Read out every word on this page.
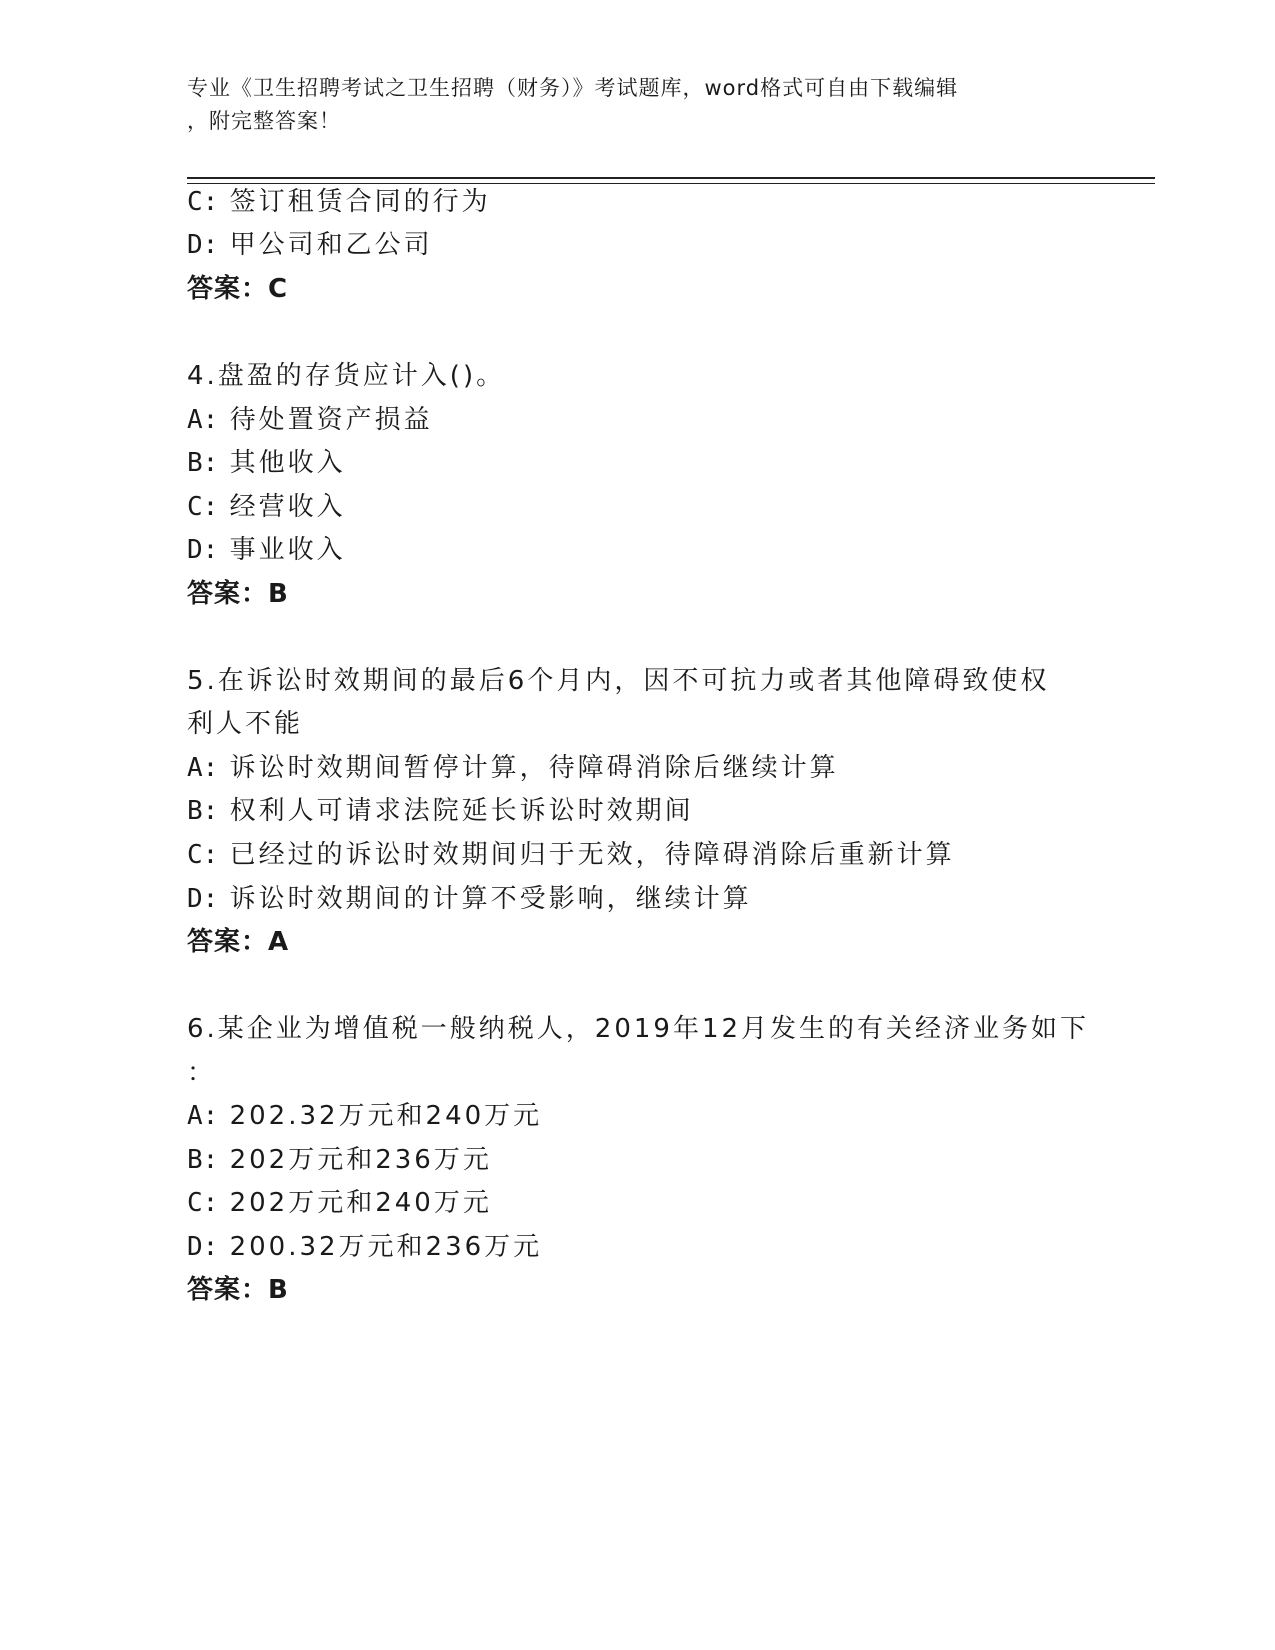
专业《卫生招聘考试之卫生招聘（财务）》考试题库，word格式可自由下载编辑
，附完整答案！
C: 签订租赁合同的行为
D: 甲公司和乙公司
答案：C
4.盘盈的存货应计入()。
A: 待处置资产损益
B: 其他收入
C: 经营收入
D: 事业收入
答案：B
5.在诉讼时效期间的最后6个月内，因不可抗力或者其他障碍致使权
利人不能
A: 诉讼时效期间暂停计算，待障碍消除后继续计算
B: 权利人可请求法院延长诉讼时效期间
C: 已经过的诉讼时效期间归于无效，待障碍消除后重新计算
D: 诉讼时效期间的计算不受影响，继续计算
答案：A
6.某企业为增值税一般纳税人，2019年12月发生的有关经济业务如下
：
A: 202.32万元和240万元
B: 202万元和236万元
C: 202万元和240万元
D: 200.32万元和236万元
答案：B
